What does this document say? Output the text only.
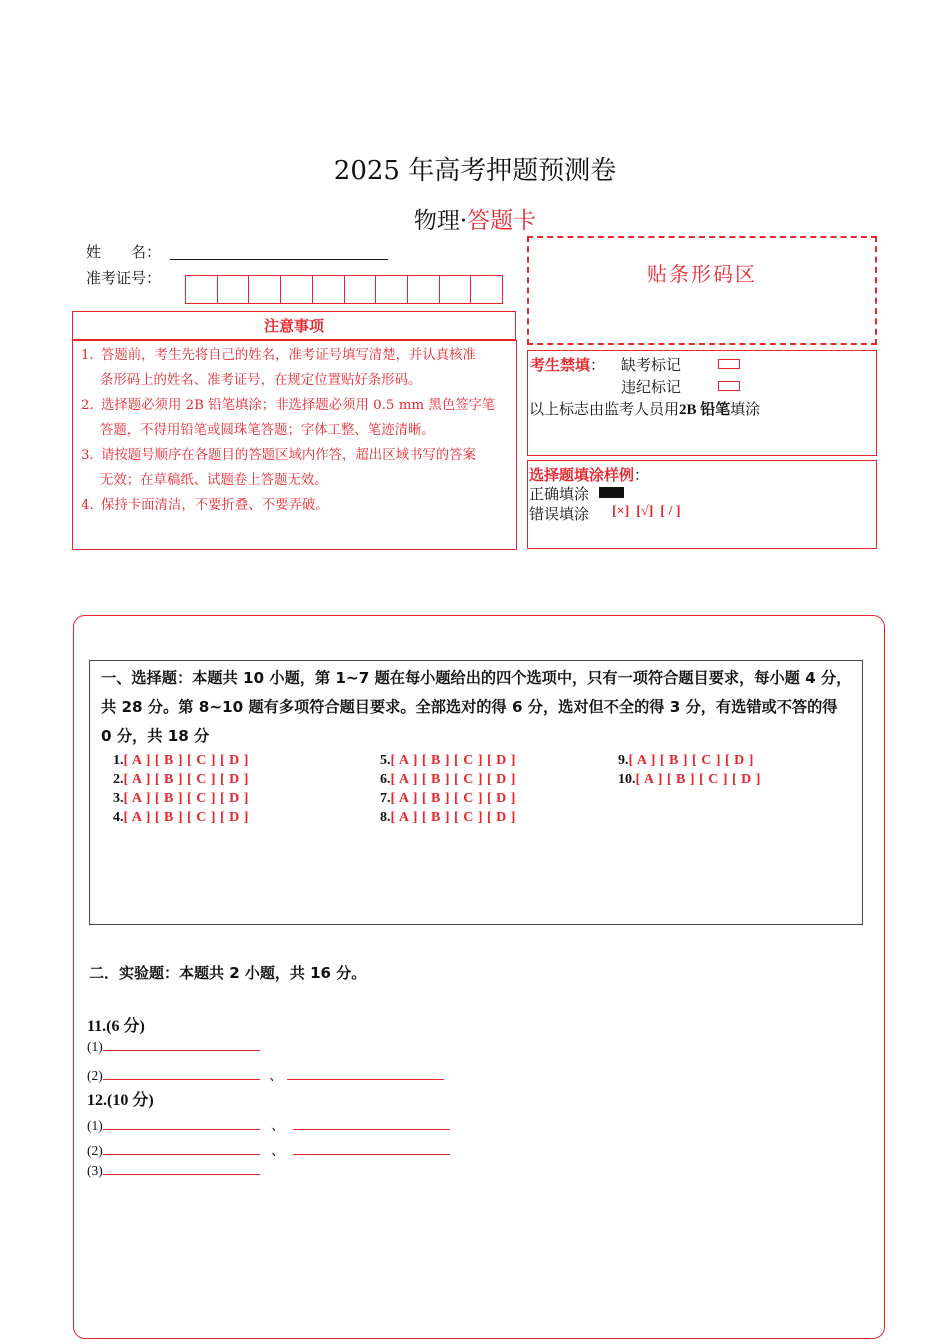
2025 年高考押题预测卷
物理·答题卡
姓　　名：
准考证号：
注意事项
1．答题前，考生先将自己的姓名，准考证号填写清楚，并认真核准
条形码上的姓名、准考证号，在规定位置贴好条形码。
2．选择题必须用 2B 铅笔填涂；非选择题必须用 0.5 mm 黑色签字笔
答题，不得用铅笔或圆珠笔答题；字体工整、笔迹清晰。
3．请按题号顺序在各题目的答题区域内作答，超出区域书写的答案
无效；在草稿纸、试题卷上答题无效。
4．保持卡面清洁，不要折叠、不要弄破。
贴条形码区
考生禁填： 缺考标记
违纪标记
以上标志由监考人员用2B 铅笔填涂
选择题填涂样例：
正确填涂
错误填涂 [×]  [√]  [ / ]
一、选择题：本题共 10 小题，第 1~7 题在每小题给出的四个选项中，只有一项符合题目要求，每小题 4 分，共 28 分。第 8~10 题有多项符合题目要求。全部选对的得 6 分，选对但不全的得 3 分，有选错或不答的得 0 分，共 18 分
1.[ A ] [ B ] [ C ] [ D ]
2.[ A ] [ B ] [ C ] [ D ]
3.[ A ] [ B ] [ C ] [ D ]
4.[ A ] [ B ] [ C ] [ D ]
5.[ A ] [ B ] [ C ] [ D ]
6.[ A ] [ B ] [ C ] [ D ]
7.[ A ] [ B ] [ C ] [ D ]
8.[ A ] [ B ] [ C ] [ D ]
9.[ A ] [ B ] [ C ] [ D ]
10.[ A ] [ B ] [ C ] [ D ]
二．实验题：本题共 2 小题，共 16 分。
11.(6 分)
(1)
(2)	、
12.(10 分)
(1)	、
(2)	、
(3)
